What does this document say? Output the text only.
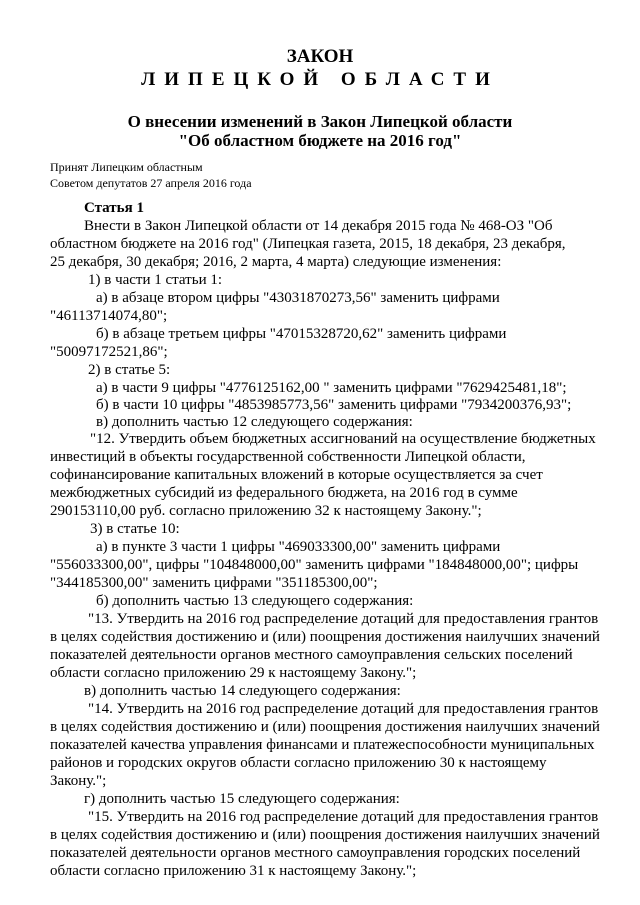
ЗАКОН
ЛИПЕЦКОЙ ОБЛАСТИ
О внесении изменений в Закон Липецкой области
"Об областном бюджете на 2016 год"
Принят Липецким областным
Советом депутатов 27 апреля 2016 года
Статья 1
Внести в Закон Липецкой области от 14 декабря 2015 года № 468-ОЗ "Об
областном бюджете на 2016 год" (Липецкая газета, 2015, 18 декабря, 23 декабря,
25 декабря, 30 декабря; 2016, 2 марта, 4 марта) следующие изменения:
1) в части 1 статьи 1:
а) в абзаце втором цифры "43031870273,56" заменить цифрами
"46113714074,80";
б) в абзаце третьем цифры "47015328720,62" заменить цифрами
"50097172521,86";
2) в статье 5:
а) в части 9 цифры "4776125162,00 " заменить цифрами "7629425481,18";
б) в части 10 цифры "4853985773,56" заменить цифрами "7934200376,93";
в) дополнить частью 12 следующего содержания:
"12. Утвердить объем бюджетных ассигнований на осуществление бюджетных
инвестиций в объекты государственной собственности Липецкой области,
софинансирование капитальных вложений в которые осуществляется за счет
межбюджетных субсидий из федерального бюджета, на 2016 год в сумме
290153110,00 руб. согласно приложению 32 к настоящему Закону.";
3) в статье 10:
а) в пункте 3 части 1 цифры "469033300,00" заменить цифрами
"556033300,00", цифры "104848000,00" заменить цифрами "184848000,00"; цифры
"344185300,00" заменить цифрами "351185300,00";
б) дополнить частью 13 следующего содержания:
"13. Утвердить на 2016 год распределение дотаций для предоставления грантов
в целях содействия достижению и (или) поощрения достижения наилучших значений
показателей деятельности органов местного самоуправления сельских поселений
области согласно приложению 29 к настоящему Закону.";
в) дополнить частью 14 следующего содержания:
"14. Утвердить на 2016 год распределение дотаций для предоставления грантов
в целях содействия достижению и (или) поощрения достижения наилучших значений
показателей качества управления финансами и платежеспособности муниципальных
районов и городских округов области согласно приложению 30 к настоящему
Закону.";
г) дополнить частью 15 следующего содержания:
"15. Утвердить на 2016 год распределение дотаций для предоставления грантов
в целях содействия достижению и (или) поощрения достижения наилучших значений
показателей деятельности органов местного самоуправления городских поселений
области согласно приложению 31 к настоящему Закону.";
